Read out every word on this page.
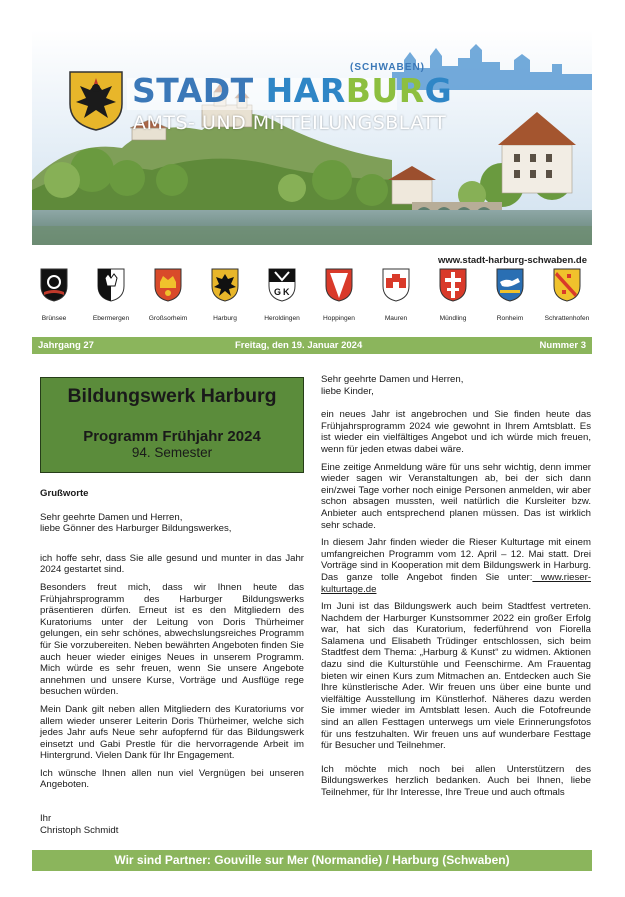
(SCHWABEN)
STADT HARBURG
AMTS- UND MITTEILUNGSBLATT
www.stadt-harburg-schwaben.de
Brünsee	Ebermergen	Großsorheim	Harburg
G K
Heroldingen	Hoppingen	Mauren	Mündling	Ronheim	Schrattenhofen
Jahrgang 27	Freitag, den 19. Januar 2024	Nummer 3
Bildungswerk Harburg
Programm Frühjahr 2024
94. Semester

Grußworte

Sehr geehrte Damen und Herren,

liebe Gönner des Harburger Bildungswerkes,

ich hoffe sehr, dass Sie alle gesund und munter in das Jahr 2024 gestartet sind.

Besonders freut mich, dass wir Ihnen heute das Frühjahrsprogramm des Harburger Bildungswerks präsentieren dürfen. Erneut ist es den Mitgliedern des Kuratoriums unter der Leitung von Doris Thürheimer gelungen, ein sehr schönes, abwechslungsreiches Programm für Sie vorzubereiten. Neben bewährten Angeboten finden Sie auch heuer wieder einiges Neues in unserem Programm. Mich würde es sehr freuen, wenn Sie unsere Angebote annehmen und unsere Kurse, Vorträge und Ausflüge rege besuchen würden.

Mein Dank gilt neben allen Mitgliedern des Kuratoriums vor allem wieder unserer Leiterin Doris Thürheimer, welche sich jedes Jahr aufs Neue sehr aufopfernd für das Bildungswerk einsetzt und Gabi Prestle für die hervorragende Arbeit im Hintergrund. Vielen Dank für Ihr Engagement.

Ich wünsche Ihnen allen nun viel Vergnügen bei unseren Angeboten.

Ihr

Christoph Schmidt

Sehr geehrte Damen und Herren,

liebe Kinder,

ein neues Jahr ist angebrochen und Sie finden heute das Frühjahrsprogramm 2024 wie gewohnt in Ihrem Amtsblatt. Es ist wieder ein vielfältiges Angebot und ich würde mich freuen, wenn für jeden etwas dabei wäre.

Eine zeitige Anmeldung wäre für uns sehr wichtig, denn immer wieder sagen wir Veranstaltungen ab, bei der sich dann ein/zwei Tage vorher noch einige Personen anmelden, wir aber schon absagen mussten, weil natürlich die Kursleiter bzw. Anbieter auch entsprechend planen müssen. Das ist wirklich sehr schade.

In diesem Jahr finden wieder die Rieser Kulturtage mit einem umfangreichen Programm vom 12. April – 12. Mai statt. Drei Vorträge sind in Kooperation mit dem Bildungswerk in Harburg. Das ganze tolle Angebot finden Sie unter: www.rieser-kulturtage.de

Im Juni ist das Bildungswerk auch beim Stadtfest vertreten. Nachdem der Harburger Kunstsommer 2022 ein großer Erfolg war, hat sich das Kuratorium, federführend von Fiorella Salamena und Elisabeth Trüdinger entschlossen, sich beim Stadtfest dem Thema: „Harburg & Kunst“ zu widmen. Aktionen dazu sind die Kulturstühle und Feenschirme. Am Frauentag bieten wir einen Kurs zum Mitmachen an. Entdecken auch Sie Ihre künstlerische Ader. Wir freuen uns über eine bunte und vielfältige Ausstellung im Künstlerhof. Näheres dazu werden Sie immer wieder im Amtsblatt lesen. Auch die Fotofreunde sind an allen Festtagen unterwegs um viele Erinnerungsfotos für uns festzuhalten. Wir freuen uns auf wunderbare Festtage für Besucher und Teilnehmer.

Ich möchte mich noch bei allen Unterstützern des Bildungswerkes herzlich bedanken. Auch bei Ihnen, liebe Teilnehmer, für Ihr Interesse, Ihre Treue und auch oftmals

Wir sind Partner: Gouville sur Mer (Normandie) / Harburg (Schwaben)
